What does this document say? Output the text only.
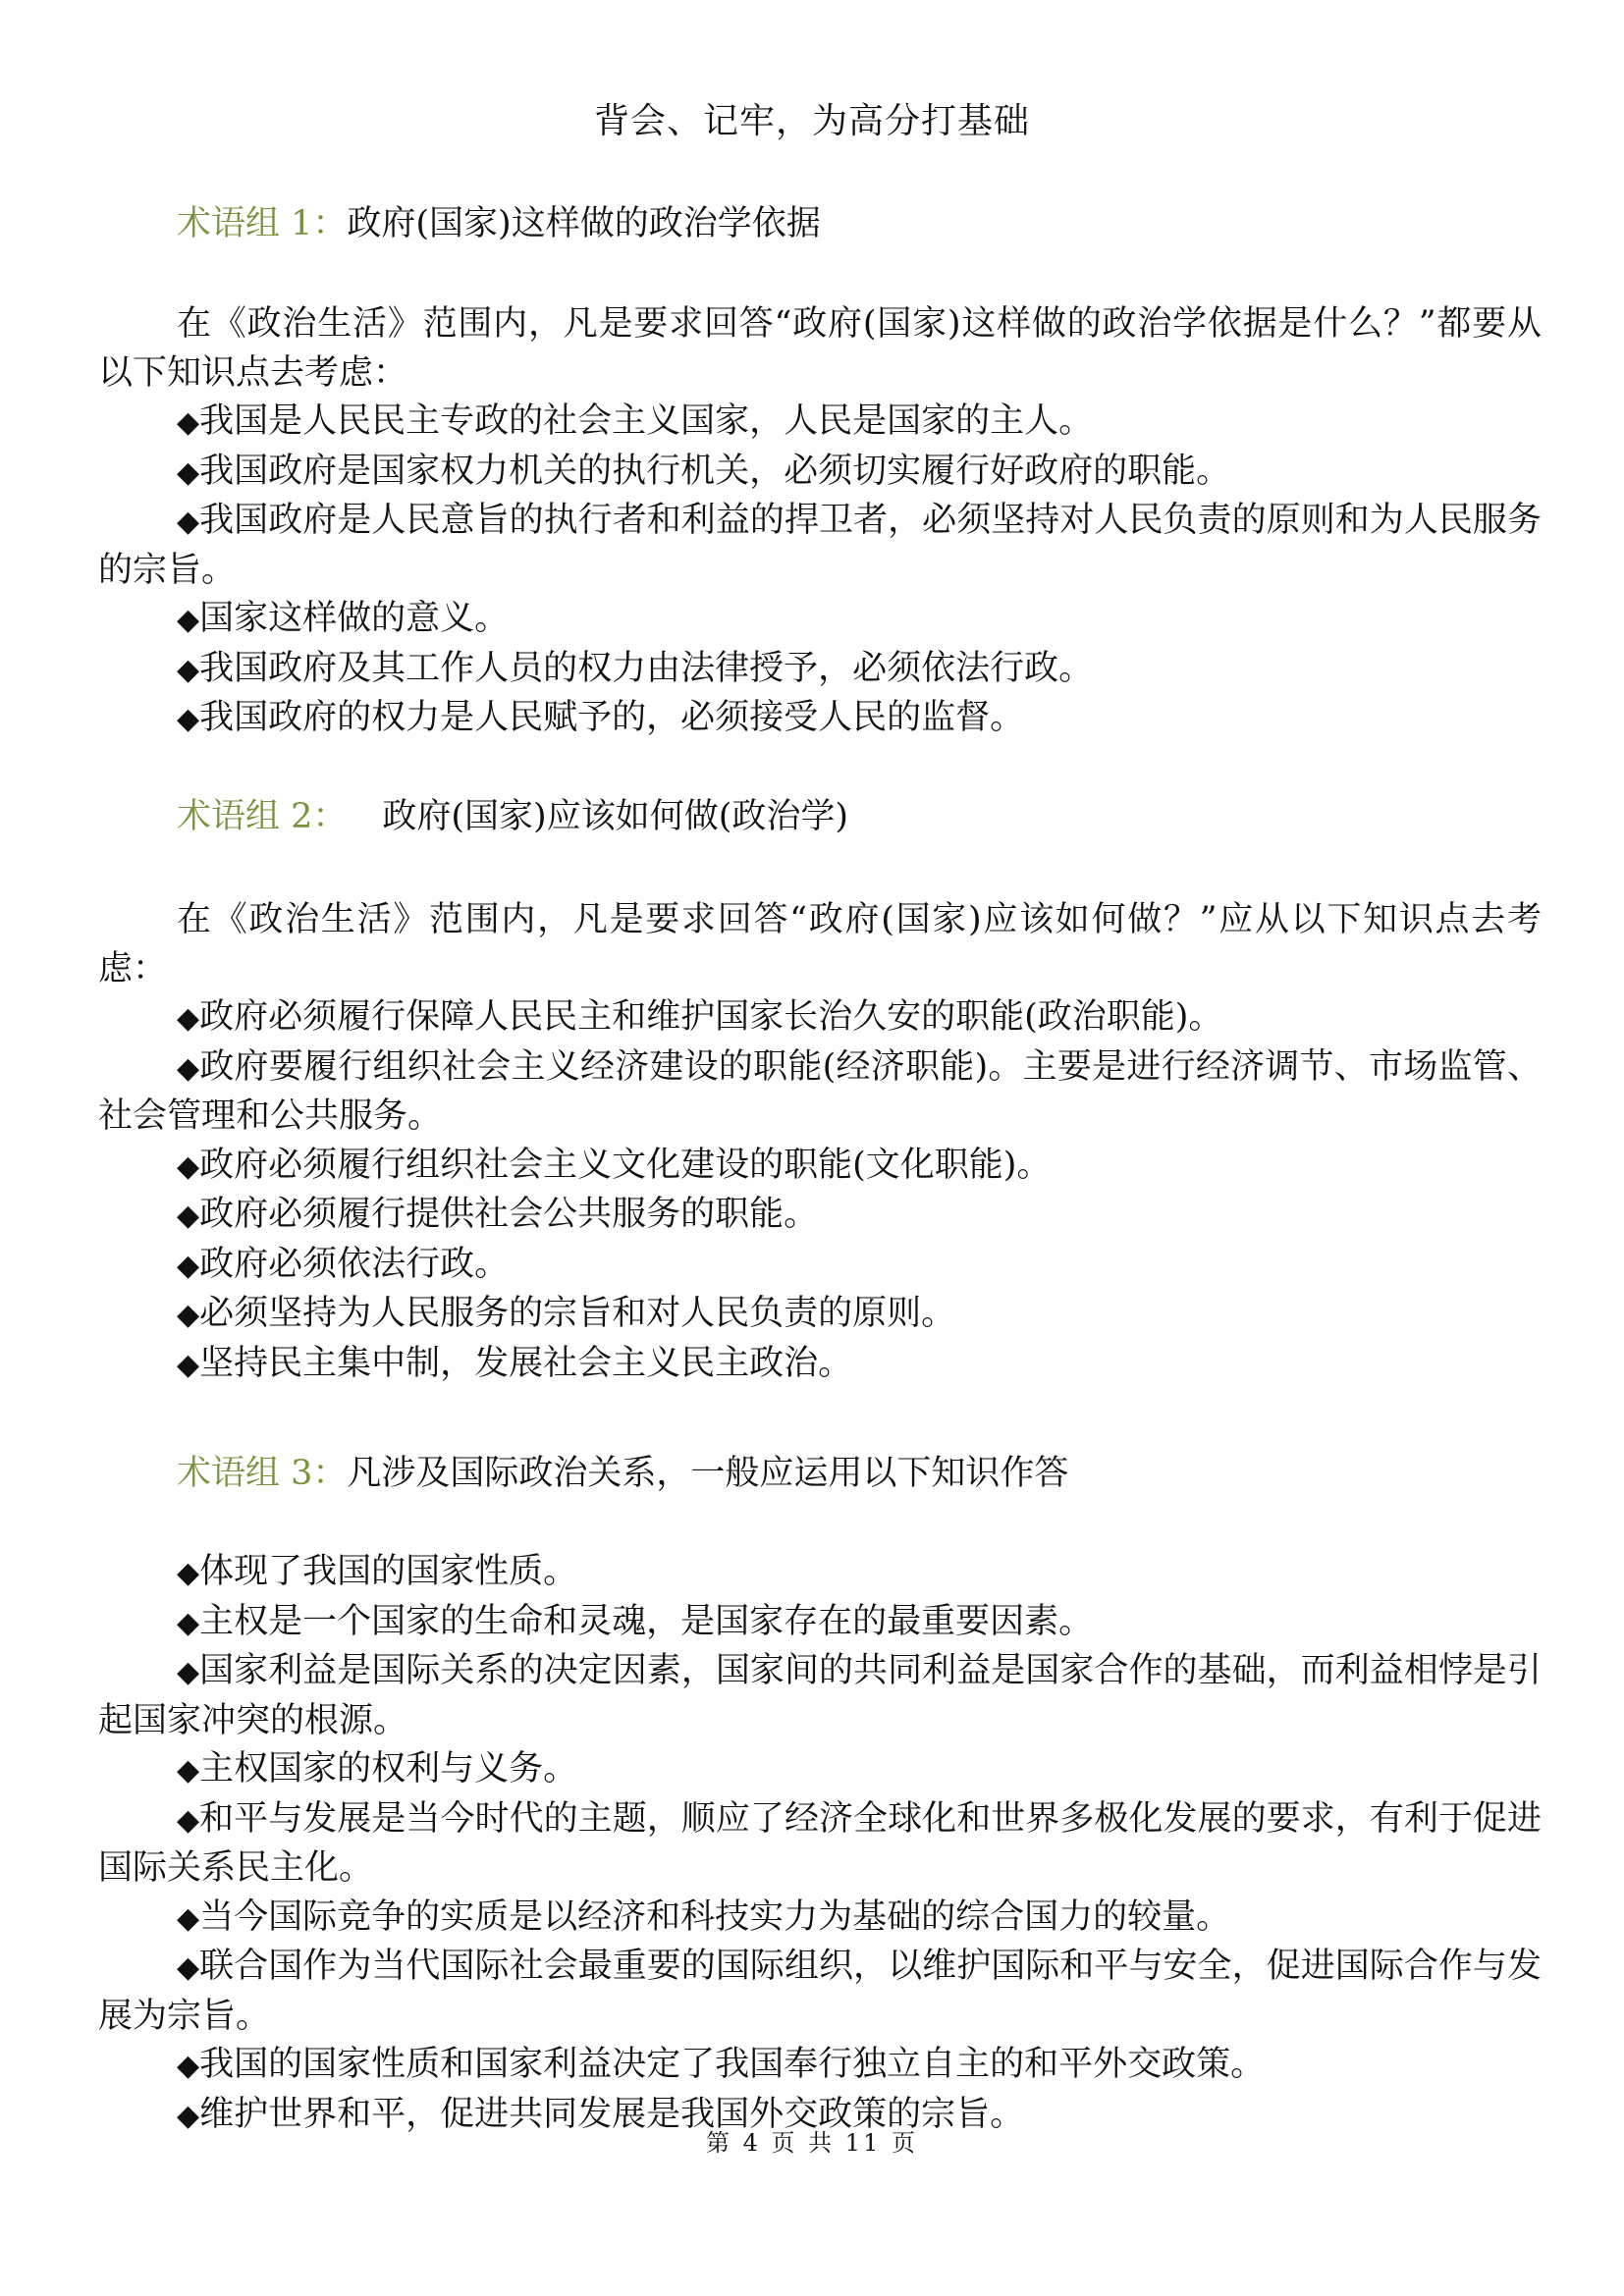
背会、记牢，为高分打基础

术语组 1：政府(国家)这样做的政治学依据

在《政治生活》范围内，凡是要求回答“政府(国家)这样做的政治学依据是什么？”都要从以下知识点去考虑：

◆我国是人民民主专政的社会主义国家，人民是国家的主人。
◆我国政府是国家权力机关的执行机关，必须切实履行好政府的职能。
◆我国政府是人民意旨的执行者和利益的捍卫者，必须坚持对人民负责的原则和为人民服务的宗旨。
◆国家这样做的意义。
◆我国政府及其工作人员的权力由法律授予，必须依法行政。
◆我国政府的权力是人民赋予的，必须接受人民的监督。

术语组 2： 政府(国家)应该如何做(政治学)

在《政治生活》范围内，凡是要求回答“政府(国家)应该如何做？”应从以下知识点去考虑：

◆政府必须履行保障人民民主和维护国家长治久安的职能(政治职能)。
◆政府要履行组织社会主义经济建设的职能(经济职能)。主要是进行经济调节、市场监管、社会管理和公共服务。
◆政府必须履行组织社会主义文化建设的职能(文化职能)。
◆政府必须履行提供社会公共服务的职能。
◆政府必须依法行政。
◆必须坚持为人民服务的宗旨和对人民负责的原则。
◆坚持民主集中制，发展社会主义民主政治。

术语组 3：凡涉及国际政治关系，一般应运用以下知识作答

◆体现了我国的国家性质。
◆主权是一个国家的生命和灵魂，是国家存在的最重要因素。
◆国家利益是国际关系的决定因素，国家间的共同利益是国家合作的基础，而利益相悖是引起国家冲突的根源。
◆主权国家的权利与义务。
◆和平与发展是当今时代的主题，顺应了经济全球化和世界多极化发展的要求，有利于促进国际关系民主化。
◆当今国际竞争的实质是以经济和科技实力为基础的综合国力的较量。
◆联合国作为当代国际社会最重要的国际组织，以维护国际和平与安全，促进国际合作与发展为宗旨。
◆我国的国家性质和国家利益决定了我国奉行独立自主的和平外交政策。
◆维护世界和平，促进共同发展是我国外交政策的宗旨。
第 4 页 共 11 页
